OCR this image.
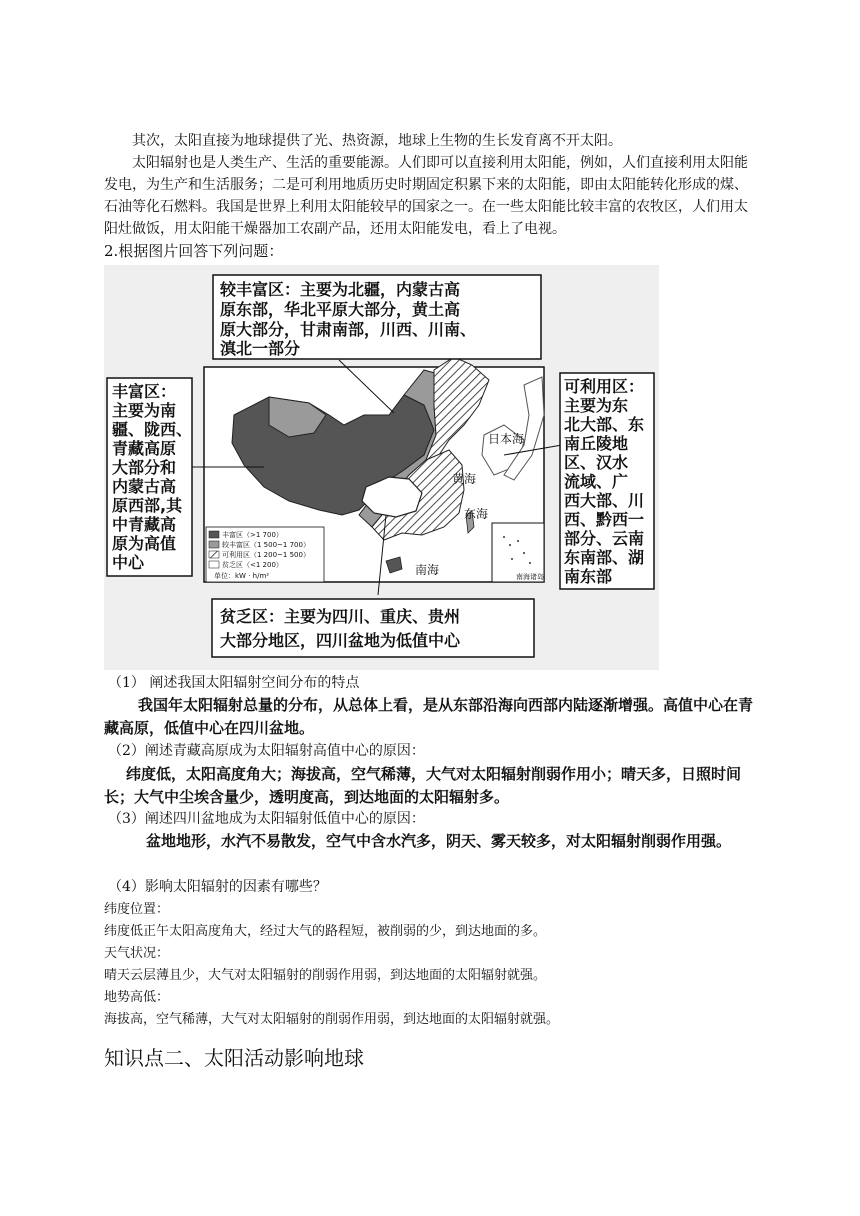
其次，太阳直接为地球提供了光、热资源，地球上生物的生长发育离不开太阳。
太阳辐射也是人类生产、生活的重要能源。人们即可以直接利用太阳能，例如，人们直接利用太阳能发电，为生产和生活服务；二是可利用地质历史时期固定积累下来的太阳能，即由太阳能转化形成的煤、石油等化石燃料。我国是世界上利用太阳能较早的国家之一。在一些太阳能比较丰富的农牧区，人们用太阳灶做饭，用太阳能干燥器加工农副产品，还用太阳能发电，看上了电视。
2.根据图片回答下列问题：
丰富区（>1 700）
较丰富区（1 500~1 700）
可利用区（1 200~1 500）
贫乏区（<1 200）
单位：kW · h/m²
日本海
黄海
东海
南海	南海诸岛
较丰富区：主要为北疆，内蒙古高
原东部，华北平原大部分，黄土高
原大部分，甘肃南部，川西、川南、
滇北一部分
丰富区：
主要为南
疆、陇西、
青藏高原
大部分和
内蒙古高
原西部,其
中青藏高
原为高值
中心
可利用区：
主要为东
北大部、东
南丘陵地
区、汉水
流域、广
西大部、川
西、黔西一
部分、云南
东南部、湖
南东部
贫乏区：主要为四川、重庆、贵州
大部分地区，四川盆地为低值中心
（1） 阐述我国太阳辐射空间分布的特点
我国年太阳辐射总量的分布，从总体上看，是从东部沿海向西部内陆逐渐增强。高值中心在青藏高原，低值中心在四川盆地。
（2）阐述青藏高原成为太阳辐射高值中心的原因：
纬度低，太阳高度角大；海拔高，空气稀薄，大气对太阳辐射削弱作用小；晴天多，日照时间长；大气中尘埃含量少，透明度高，到达地面的太阳辐射多。
（3）阐述四川盆地成为太阳辐射低值中心的原因：
盆地地形，水汽不易散发，空气中含水汽多，阴天、雾天较多，对太阳辐射削弱作用强。
（4）影响太阳辐射的因素有哪些？
纬度位置：
纬度低正午太阳高度角大，经过大气的路程短，被削弱的少，到达地面的多。
天气状况：
晴天云层薄且少，大气对太阳辐射的削弱作用弱，到达地面的太阳辐射就强。
地势高低：
海拔高，空气稀薄，大气对太阳辐射的削弱作用弱，到达地面的太阳辐射就强。
知识点二、太阳活动影响地球
